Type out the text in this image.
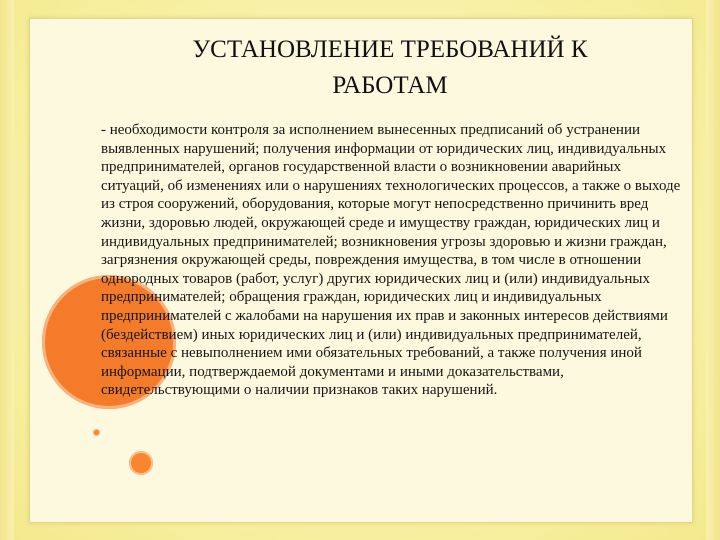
УСТАНОВЛЕНИЕ ТРЕБОВАНИЙ К
РАБОТАМ

- необходимости контроля за исполнением вынесенных предписаний об устранении выявленных нарушений; получения информации от юридических лиц, индивидуальных предпринимателей, органов государственной власти о возникновении аварийных ситуаций, об изменениях или о нарушениях технологических процессов, а также о выходе из строя сооружений, оборудования, которые могут непосредственно причинить вред жизни, здоровью людей, окружающей среде и имуществу граждан, юридических лиц и индивидуальных предпринимателей; возникновения угрозы здоровью и жизни граждан, загрязнения окружающей среды, повреждения имущества, в том числе в отношении однородных товаров (работ, услуг) других юридических лиц и (или) индивидуальных предпринимателей; обращения граждан, юридических лиц и индивидуальных предпринимателей с жалобами на нарушения их прав и законных интересов действиями (бездействием) иных юридических лиц и (или) индивидуальных предпринимателей, связанные с невыполнением ими обязательных требований, а также получения иной информации, подтверждаемой документами и иными доказательствами, свидетельствующими о наличии признаков таких нарушений.
